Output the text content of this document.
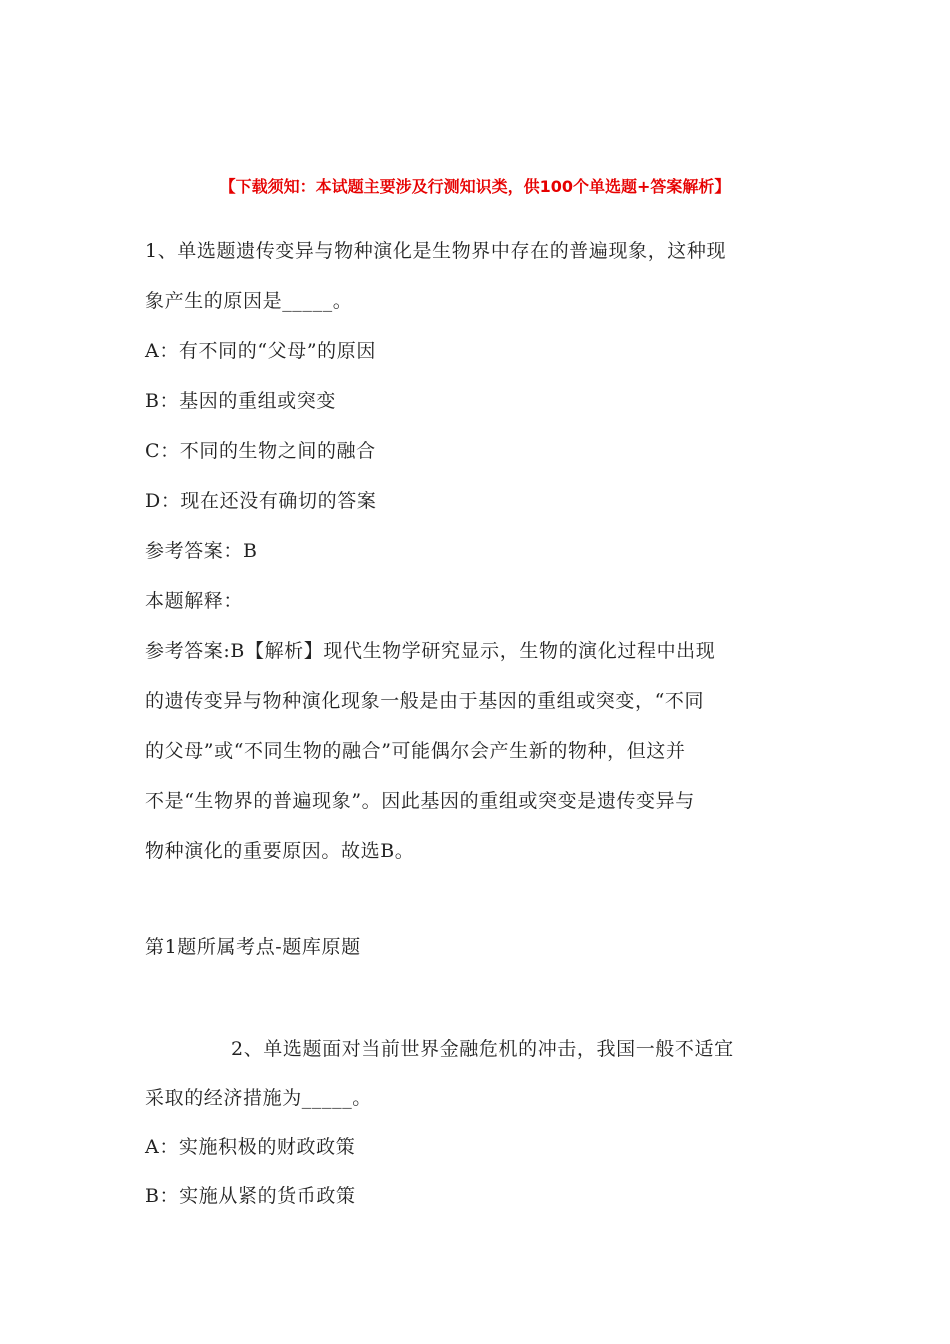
【下载须知：本试题主要涉及行测知识类，供100个单选题+答案解析】
1、单选题遗传变异与物种演化是生物界中存在的普遍现象，这种现
象产生的原因是_____。
A：有不同的“父母”的原因
B：基因的重组或突变
C：不同的生物之间的融合
D：现在还没有确切的答案
参考答案：B
本题解释：
参考答案:B【解析】现代生物学研究显示，生物的演化过程中出现
的遗传变异与物种演化现象一般是由于基因的重组或突变，“不同
的父母”或“不同生物的融合”可能偶尔会产生新的物种，但这并
不是“生物界的普遍现象”。因此基因的重组或突变是遗传变异与
物种演化的重要原因。故选B。
第1题所属考点-题库原题
2、单选题面对当前世界金融危机的冲击，我国一般不适宜
采取的经济措施为_____。
A：实施积极的财政政策
B：实施从紧的货币政策
